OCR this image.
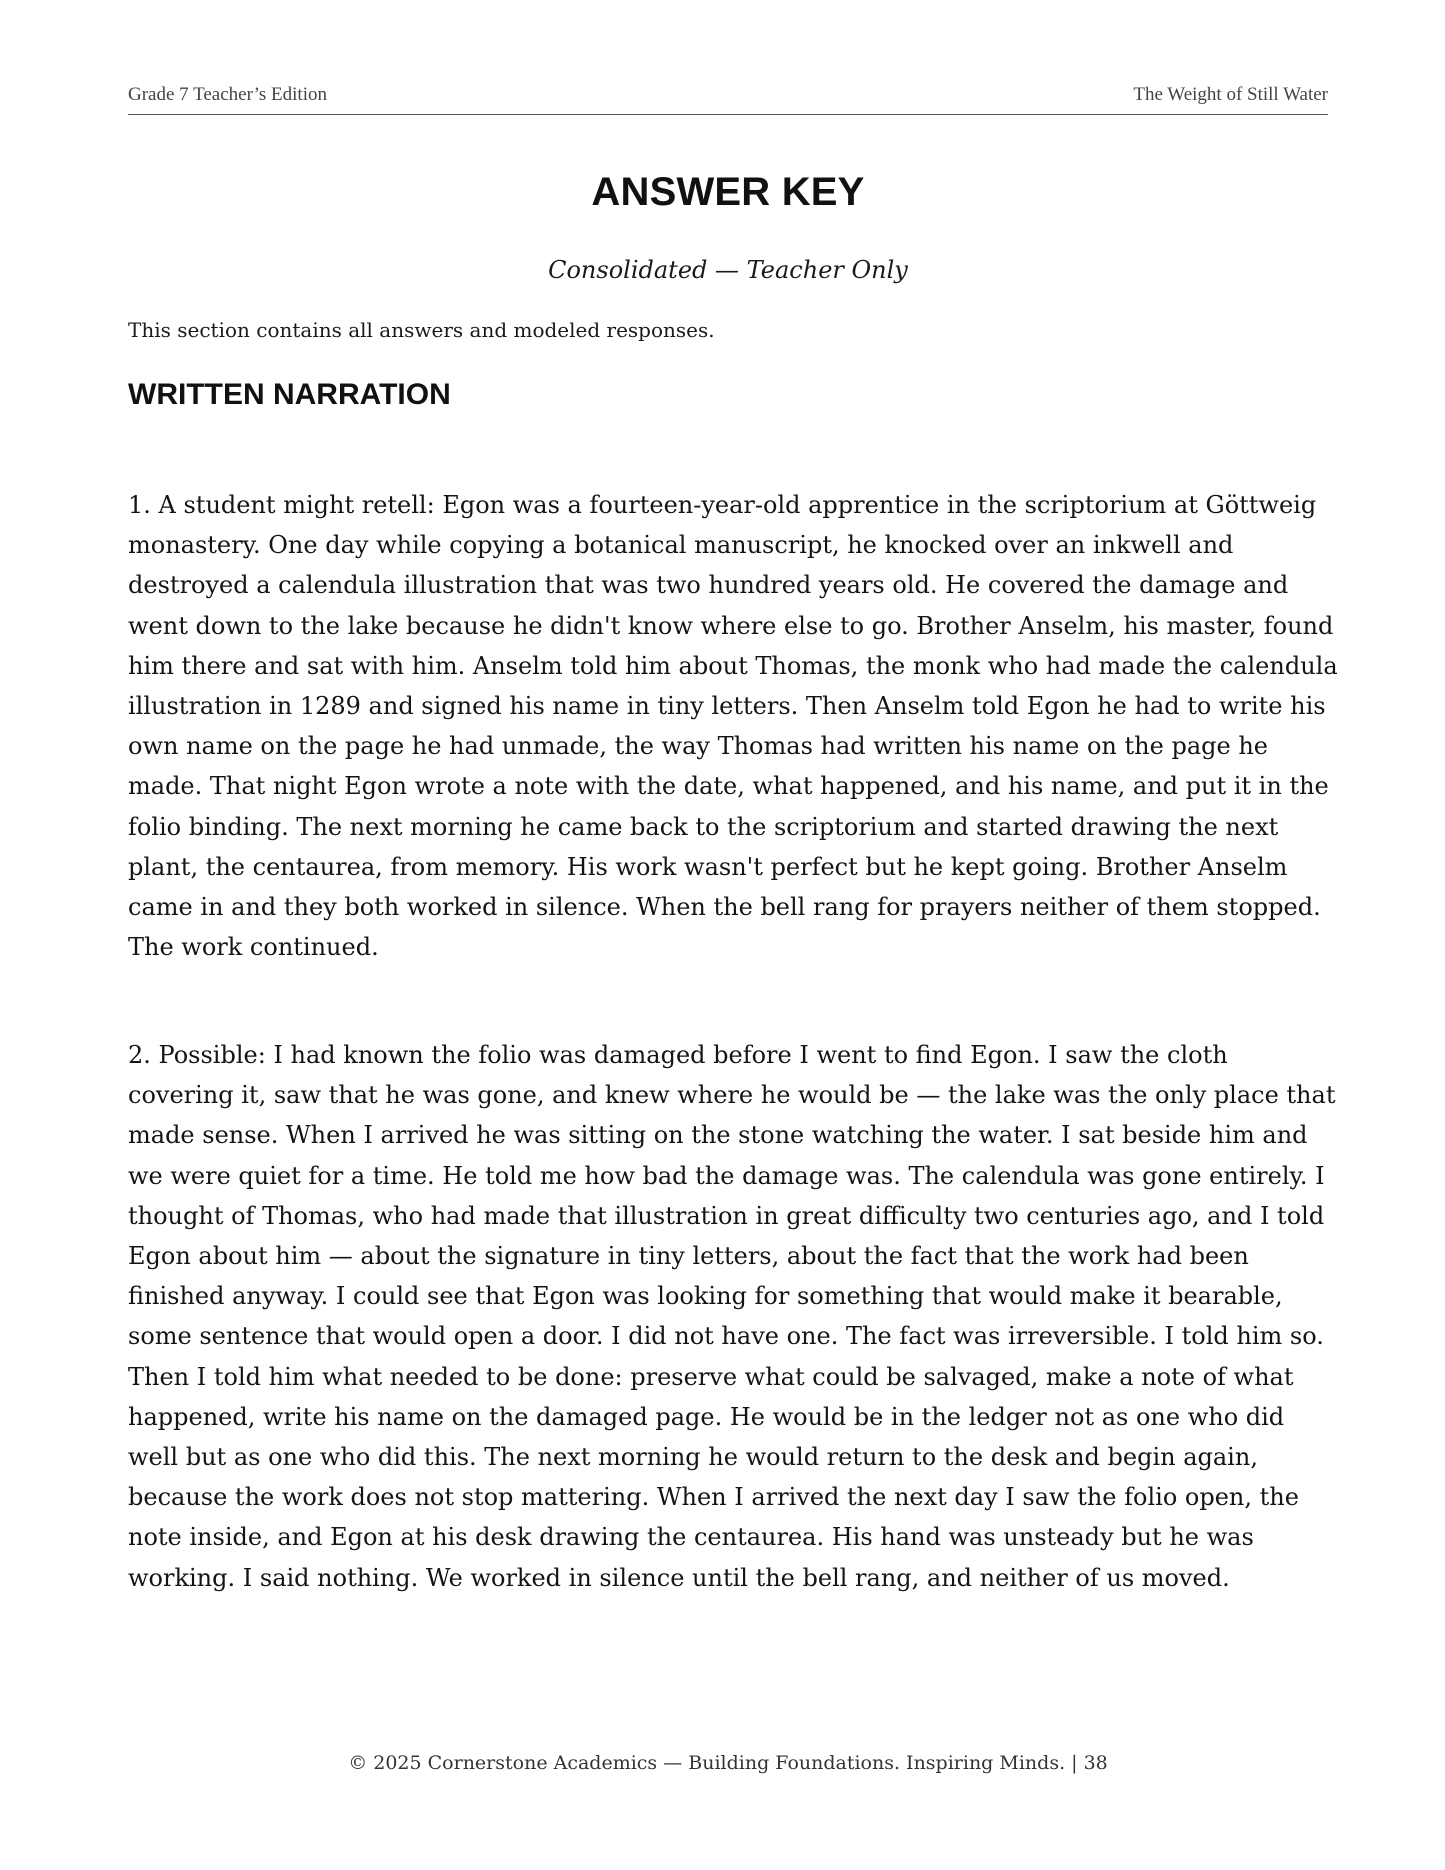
Grade 7 Teacher’s Edition	The Weight of Still Water
ANSWER KEY
Consolidated — Teacher Only
This section contains all answers and modeled responses.
WRITTEN NARRATION

1. A student might retell: Egon was a fourteen-year-old apprentice in the scriptorium at Göttweig monastery. One day while copying a botanical manuscript, he knocked over an inkwell and destroyed a calendula illustration that was two hundred years old. He covered the damage and went down to the lake because he didn't know where else to go. Brother Anselm, his master, found him there and sat with him. Anselm told him about Thomas, the monk who had made the calendula illustration in 1289 and signed his name in tiny letters. Then Anselm told Egon he had to write his own name on the page he had unmade, the way Thomas had written his name on the page he made. That night Egon wrote a note with the date, what happened, and his name, and put it in the folio binding. The next morning he came back to the scriptorium and started drawing the next plant, the centaurea, from memory. His work wasn't perfect but he kept going. Brother Anselm came in and they both worked in silence. When the bell rang for prayers neither of them stopped. The work continued.

2. Possible: I had known the folio was damaged before I went to find Egon. I saw the cloth covering it, saw that he was gone, and knew where he would be — the lake was the only place that made sense. When I arrived he was sitting on the stone watching the water. I sat beside him and we were quiet for a time. He told me how bad the damage was. The calendula was gone entirely. I thought of Thomas, who had made that illustration in great difficulty two centuries ago, and I told Egon about him — about the signature in tiny letters, about the fact that the work had been finished anyway. I could see that Egon was looking for something that would make it bearable, some sentence that would open a door. I did not have one. The fact was irreversible. I told him so. Then I told him what needed to be done: preserve what could be salvaged, make a note of what happened, write his name on the damaged page. He would be in the ledger not as one who did well but as one who did this. The next morning he would return to the desk and begin again, because the work does not stop mattering. When I arrived the next day I saw the folio open, the note inside, and Egon at his desk drawing the centaurea. His hand was unsteady but he was working. I said nothing. We worked in silence until the bell rang, and neither of us moved.

© 2025 Cornerstone Academics — Building Foundations. Inspiring Minds. | 38
